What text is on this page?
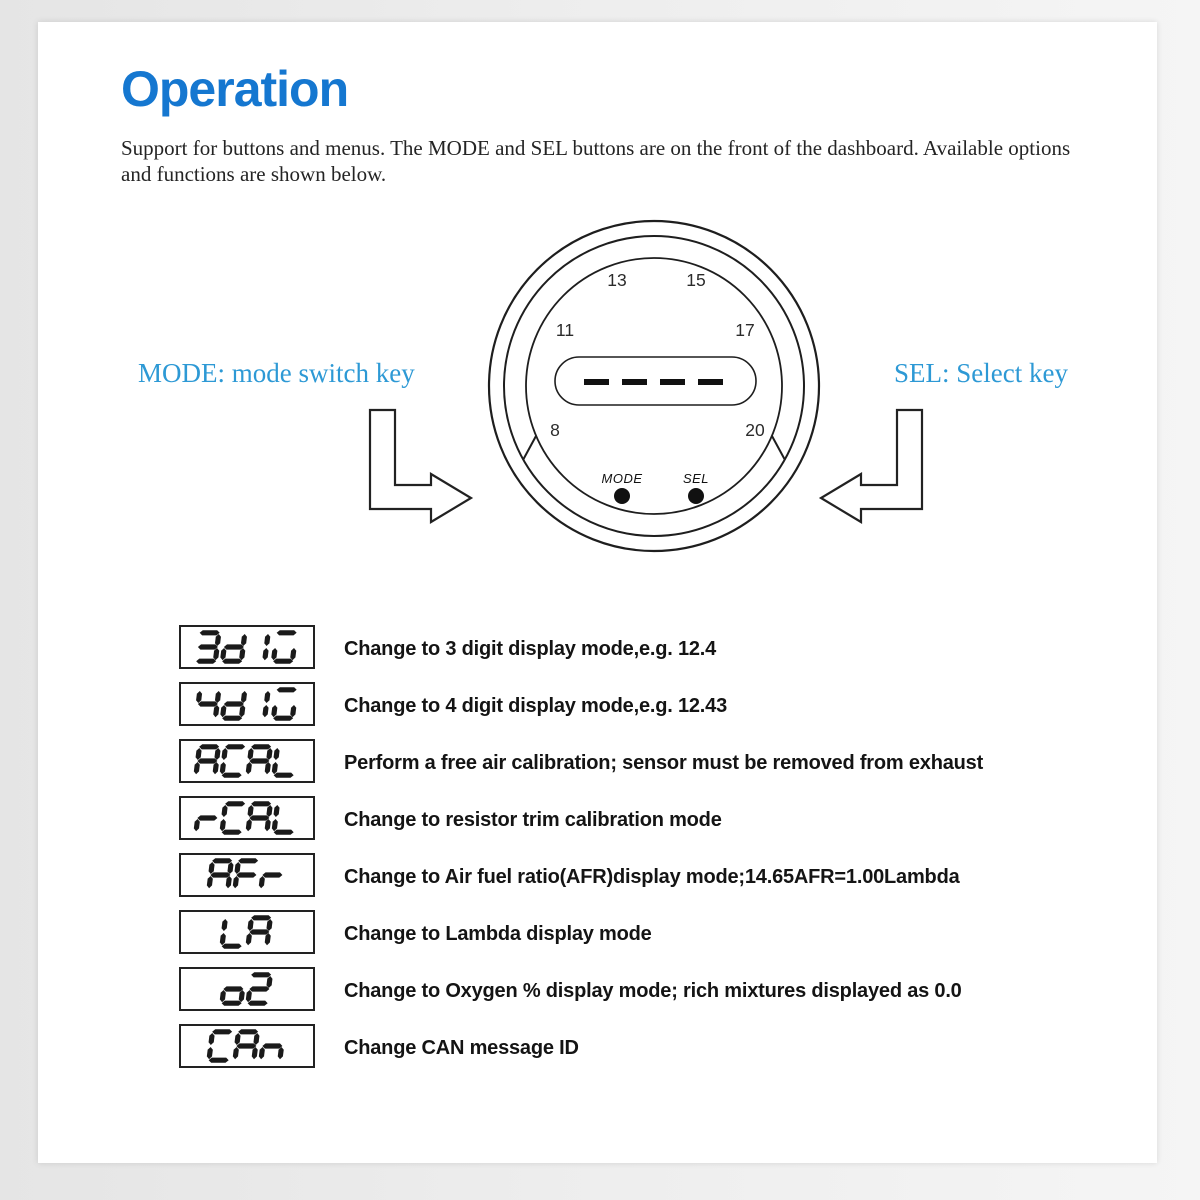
Operation
Support for buttons and menus. The MODE and SEL buttons are on the front of the dashboard. Available options
and functions are shown below.
MODE: mode switch key	SEL: Select key
13	15
11	17
8	20
MODE	SEL
Change to 3 digit display mode,e.g. 12.4
Change to 4 digit display mode,e.g. 12.43
Perform a free air calibration; sensor must be removed from exhaust
Change to resistor trim calibration mode
Change to Air fuel ratio(AFR)display mode;14.65AFR=1.00Lambda
Change to Lambda display mode
Change to Oxygen % display mode; rich mixtures displayed as 0.0
Change CAN message ID
